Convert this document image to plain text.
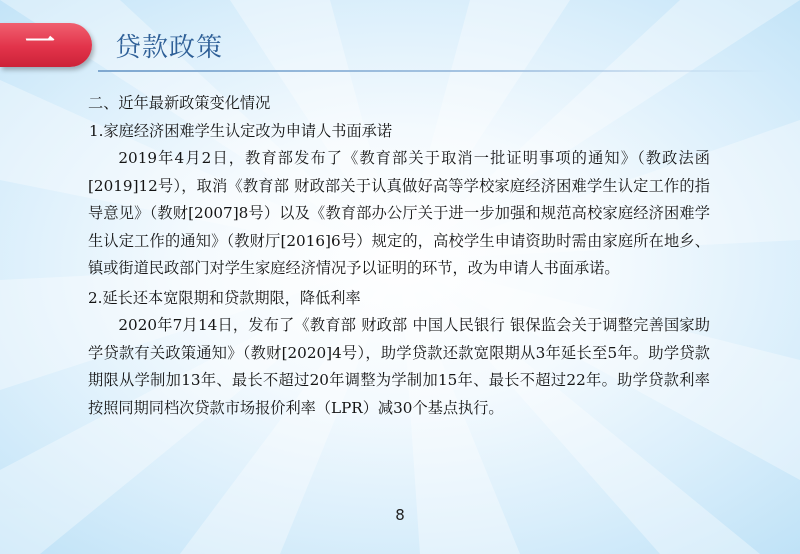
一	贷款政策

二、近年最新政策变化情况

1.家庭经济困难学生认定改为申请人书面承诺

2019年4月2日，教育部发布了《教育部关于取消一批证明事项的通知》（教政法函[2019]12号），取消《教育部 财政部关于认真做好高等学校家庭经济困难学生认定工作的指导意见》（教财[2007]8号）以及《教育部办公厅关于进一步加强和规范高校家庭经济困难学生认定工作的通知》（教财厅[2016]6号）规定的，高校学生申请资助时需由家庭所在地乡、镇或街道民政部门对学生家庭经济情况予以证明的环节，改为申请人书面承诺。

2.延长还本宽限期和贷款期限，降低利率

2020年7月14日，发布了《教育部 财政部 中国人民银行 银保监会关于调整完善国家助学贷款有关政策通知》（教财[2020]4号），助学贷款还款宽限期从3年延长至5年。助学贷款期限从学制加13年、最长不超过20年调整为学制加15年、最长不超过22年。助学贷款利率按照同期同档次贷款市场报价利率（LPR）减30个基点执行。

8
